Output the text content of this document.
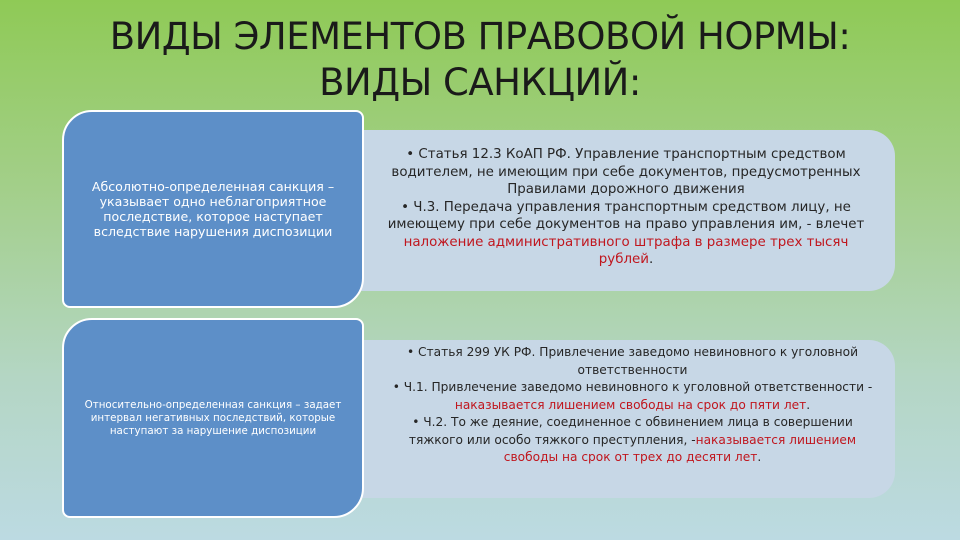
ВИДЫ ЭЛЕМЕНТОВ ПРАВОВОЙ НОРМЫ: ВИДЫ САНКЦИЙ:
Абсолютно-определенная санкция – указывает одно неблагоприятное последствие, которое наступает вследствие нарушения диспозиции
• Статья 12.3 КоАП РФ. Управление транспортным средством водителем, не имеющим при себе документов, предусмотренных Правилами дорожного движения
• Ч.3. Передача управления транспортным средством лицу, не имеющему при себе документов на право управления им, - влечет наложение административного штрафа в размере трех тысяч рублей.
Относительно-определенная санкция – задает интервал негативных последствий, которые наступают за нарушение диспозиции
• Статья 299 УК РФ. Привлечение заведомо невиновного к уголовной ответственности
• Ч.1. Привлечение заведомо невиновного к уголовной ответственности - наказывается лишением свободы на срок до пяти лет.
• Ч.2. То же деяние, соединенное с обвинением лица в совершении тяжкого или особо тяжкого преступления, -наказывается лишением свободы на срок от трех до десяти лет.
